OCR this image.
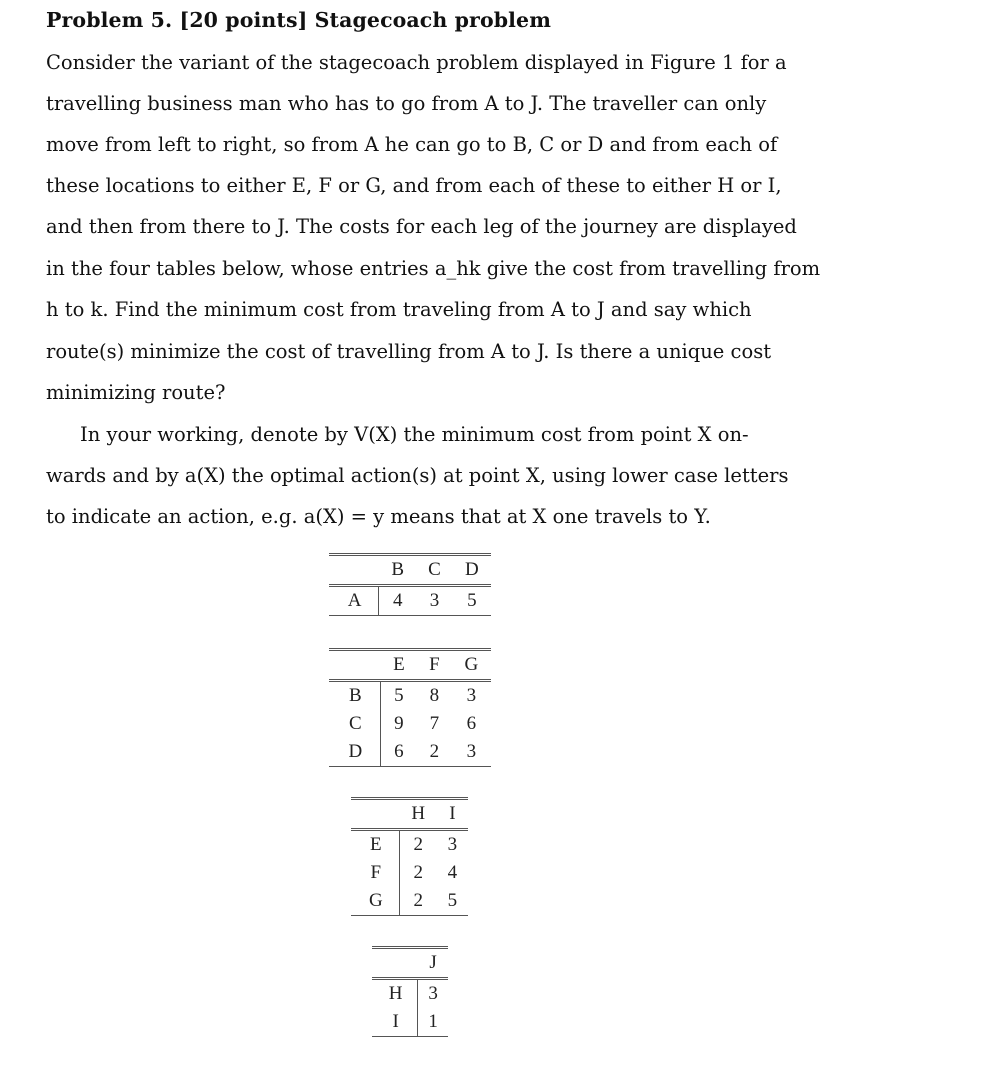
Problem 5. [20 points] Stagecoach problem
Consider the variant of the stagecoach problem displayed in Figure 1 for a
travelling business man who has to go from A to J. The traveller can only
move from left to right, so from A he can go to B, C or D and from each of
these locations to either E, F or G, and from each of these to either H or I,
and then from there to J. The costs for each leg of the journey are displayed
in the four tables below, whose entries a_hk give the cost from travelling from
h to k. Find the minimum cost from traveling from A to J and say which
route(s) minimize the cost of travelling from A to J. Is there a unique cost
minimizing route?
In your working, denote by V(X) the minimum cost from point X on-
wards and by a(X) the optimal action(s) at point X, using lower case letters
to indicate an action, e.g. a(X) = y means that at X one travels to Y.
	B	C	D
A	4	3	5
	E	F	G
B	5	8	3
C	9	7	6
D	6	2	3
	H	I
E	2	3
F	2	4
G	2	5
	J
H	3
I	1
